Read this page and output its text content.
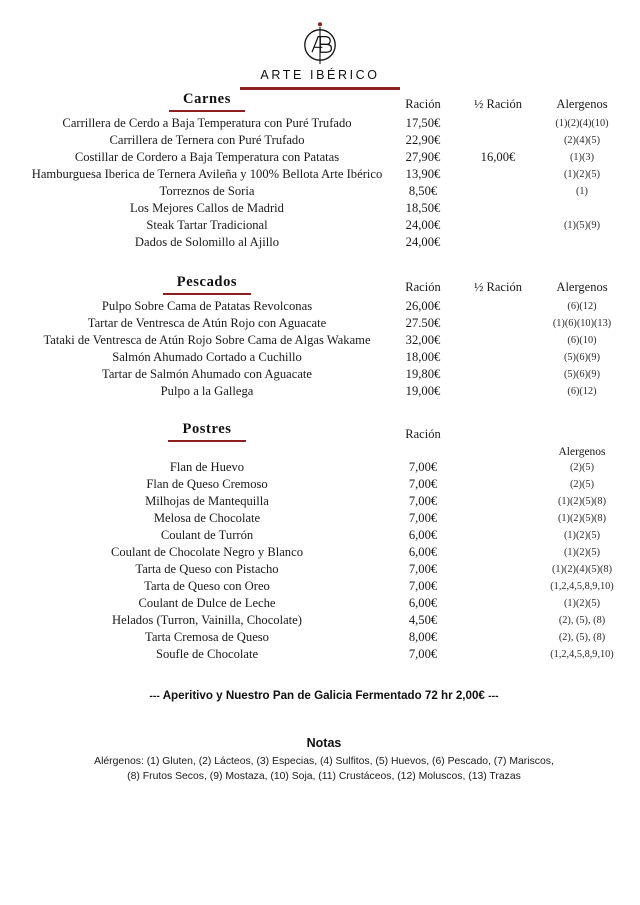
ARTE IBÉRICO
Carnes	Ración	½ Ración	Alergenos
Carrillera de Cerdo a Baja Temperatura con Puré Trufado	17,50€		(1)(2)(4)(10)
Carrillera de Ternera con Puré Trufado	22,90€		(2)(4)(5)
Costillar de Cordero a Baja Temperatura con Patatas	27,90€	16,00€	(1)(3)
Hamburguesa Iberica de Ternera Avileña y 100% Bellota Arte Ibérico	13,90€		(1)(2)(5)
Torreznos de Soria	8,50€		(1)
Los Mejores Callos de Madrid	18,50€		
Steak Tartar Tradicional	24,00€		(1)(5)(9)
Dados de Solomillo al Ajillo	24,00€		
Pescados	Ración	½ Ración	Alergenos
Pulpo Sobre Cama de Patatas Revolconas	26,00€		(6)(12)
Tartar de Ventresca de Atún Rojo con Aguacate	27.50€		(1)(6)(10)(13)
Tataki de Ventresca de Atún Rojo Sobre Cama de Algas Wakame	32,00€		(6)(10)
Salmón Ahumado Cortado a Cuchillo	18,00€		(5)(6)(9)
Tartar de Salmón Ahumado con Aguacate	19,80€		(5)(6)(9)
Pulpo a la Gallega	19,00€		(6)(12)
Postres	Ración		
			Alergenos
Flan de Huevo	7,00€		(2)(5)
Flan de Queso Cremoso	7,00€		(2)(5)
Milhojas de Mantequilla	7,00€		(1)(2)(5)(8)
Melosa de Chocolate	7,00€		(1)(2)(5)(8)
Coulant de Turrón	6,00€		(1)(2)(5)
Coulant de Chocolate Negro y Blanco	6,00€		(1)(2)(5)
Tarta de Queso con Pistacho	7,00€		(1)(2)(4)(5)(8)
Tarta de Queso con Oreo	7,00€		(1,2,4,5,8,9,10)
Coulant de Dulce de Leche	6,00€		(1)(2)(5)
Helados (Turron, Vainilla, Chocolate)	4,50€		(2), (5), (8)
Tarta Cremosa de Queso	8,00€		(2), (5), (8)
Soufle de Chocolate	7,00€		(1,2,4,5,8,9,10)
--- Aperitivo y Nuestro Pan de Galicia Fermentado 72 hr 2,00€ ---
Notas
Alérgenos: (1) Gluten, (2) Lácteos, (3) Especias, (4) Sulfitos, (5) Huevos, (6) Pescado, (7) Mariscos,
(8) Frutos Secos, (9) Mostaza, (10) Soja, (11) Crustáceos, (12) Moluscos, (13) Trazas
